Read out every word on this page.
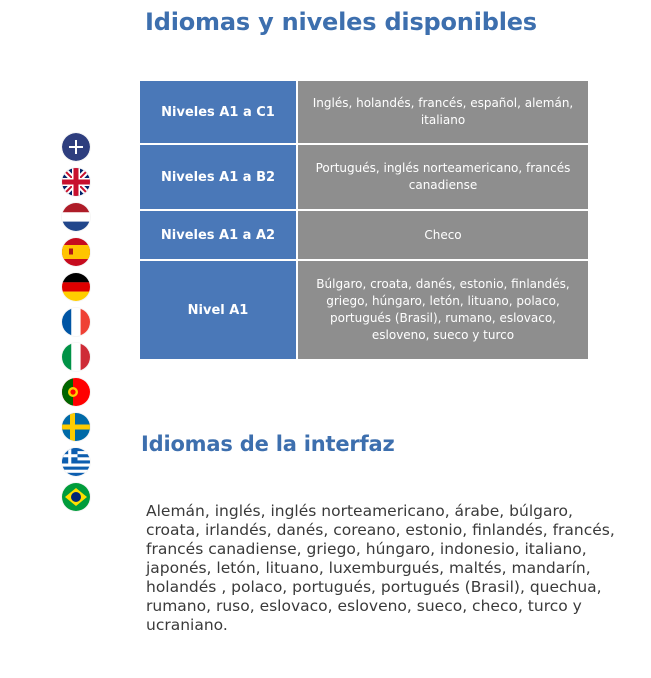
Idiomas y niveles disponibles
Niveles A1 a C1	Inglés, holandés, francés, español, alemán, italiano
Niveles A1 a B2	Portugués, inglés norteamericano, francés canadiense
Niveles A1 a A2	Checo
Nivel A1	Búlgaro, croata, danés, estonio, finlandés, griego, húngaro, letón, lituano, polaco, portugués (Brasil), rumano, eslovaco, esloveno, sueco y turco
Idiomas de la interfaz

Alemán, inglés, inglés norteamericano, árabe, búlgaro, croata, irlandés, danés, coreano, estonio, finlandés, francés, francés canadiense, griego, húngaro, indonesio, italiano, japonés, letón, lituano, luxemburgués, maltés, mandarín, holandés , polaco, portugués, portugués (Brasil), quechua, rumano, ruso, eslovaco, esloveno, sueco, checo, turco y ucraniano.
